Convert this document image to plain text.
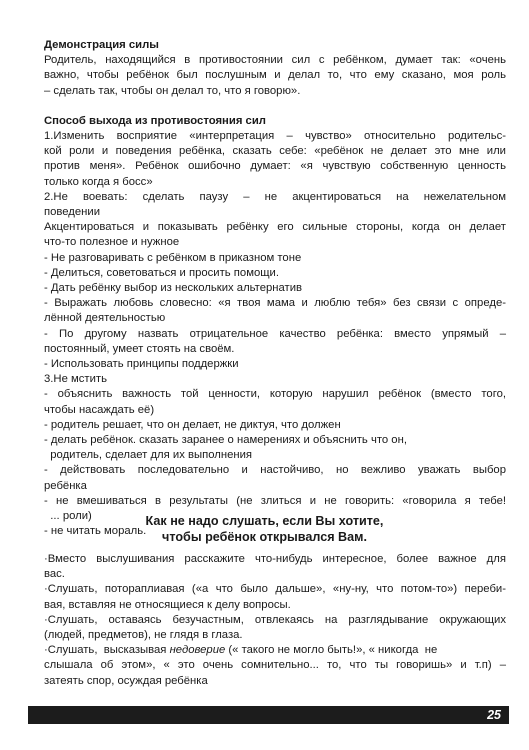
Демонстрация силы

Родитель, находящийся в противостоянии сил с ребёнком, думает так: «очень

важно, чтобы ребёнок был послушным и делал то, что ему сказано, моя роль

– сделать так, чтобы он делал то, что я говорю».

Способ выхода из противостояния сил

1.Изменить восприятие «интерпретация – чувство» относительно родительс-

кой роли и поведения ребёнка, сказать себе: «ребёнок не делает это мне или

против меня». Ребёнок ошибочно думает: «я чувствую собственную ценность

только когда я босс»

2.Не воевать: сделать паузу – не акцентироваться на нежелательном

поведении

Акцентироваться и показывать ребёнку его сильные стороны, когда он делает

что-то полезное и нужное

- Не разговаривать с ребёнком в приказном тоне

- Делиться, советоваться и просить помощи.

- Дать ребёнку выбор из нескольких альтернатив

- Выражать любовь словесно: «я твоя мама и люблю тебя» без связи с опреде-

лённой деятельностью

- По другому назвать отрицательное качество ребёнка: вместо упрямый –

постоянный, умеет стоять на своём.

- Использовать принципы поддержки

3.Не мстить

- объяснить важность той ценности, которую нарушил ребёнок (вместо того,

чтобы насаждать её)

- родитель решает, что он делает, не диктуя, что должен

- делать ребёнок. сказать заранее о намерениях и объяснить что он,

родитель, сделает для их выполнения

- действовать последовательно и настойчиво, но вежливо уважать выбор

ребёнка

- не вмешиваться в результаты (не злиться и не говорить: «говорила я тебе!

... роли)

- не читать мораль.

Как не надо слушать, если Вы хотите,

чтобы ребёнок открывался Вам.

·Вместо выслушивания расскажите что-нибудь интересное, более важное для

вас.

·Слушать, потораплиавая («а что было дальше», «ну-ну, что потом-то») переби-

вая, вставляя не относящиеся к делу вопросы.

·Слушать, оставаясь безучастным, отвлекаясь на разглядывание окружающих

(людей, предметов), не глядя в глаза.

·Слушать,  высказывая недоверие (« такого не могло быть!», « никогда  не

слышала об этом», « это очень сомнительно... то, что ты говоришь» и т.п) –

затеять спор, осуждая ребёнка

25
